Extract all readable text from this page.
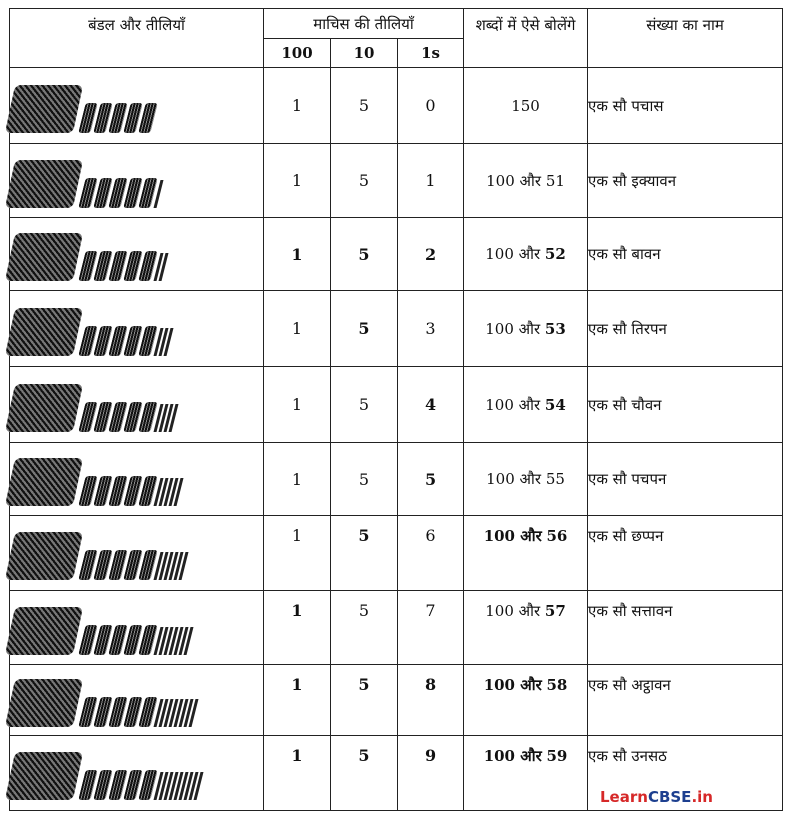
बंडल और तीलियाँ	माचिस की तीलियाँ			शब्दों में ऐसे बोलेंगे	संख्या का नाम
	100	10	1s		

	1	5	0	150	एक सौ पचास

	1	5	1	100 और 51	एक सौ इक्यावन

	1	5	2	100 और 52	एक सौ बावन

	1	5	3	100 और 53	एक सौ तिरपन

	1	5	4	100 और 54	एक सौ चौवन

	1	5	5	100 और 55	एक सौ पचपन

	1	5	6	100 और 56	एक सौ छप्पन

	1	5	7	100 और 57	एक सौ सत्तावन

	1	5	8	100 और 58	एक सौ अट्ठावन

	1	5	9	100 और 59	एक सौ उनसठ
LearnCBSE.in
